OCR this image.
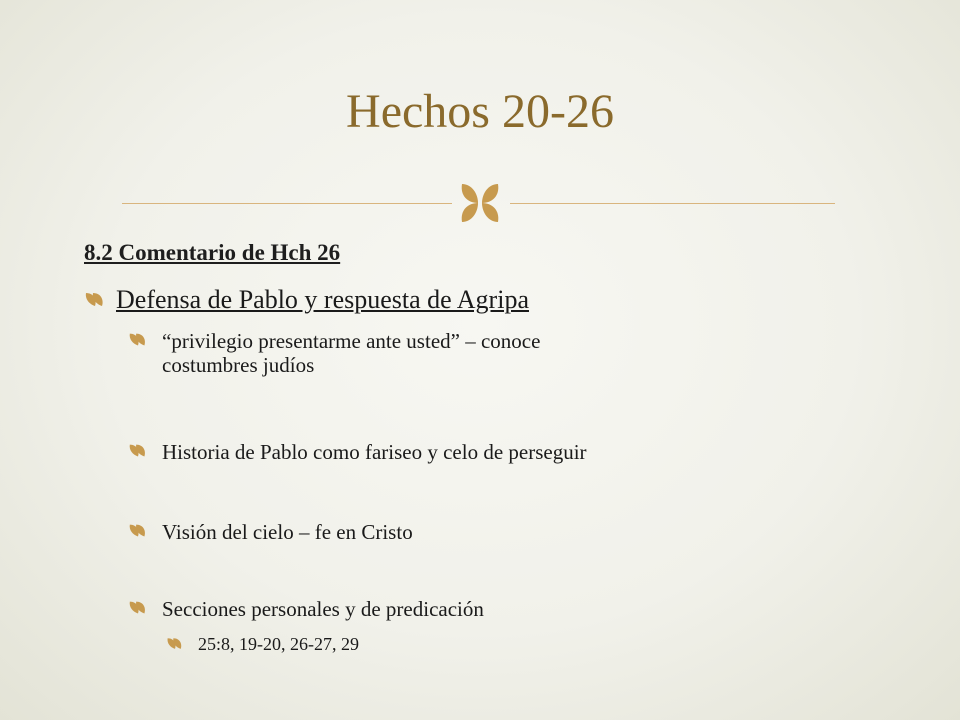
Hechos 20-26
8.2 Comentario de Hch 26
Defensa de Pablo y respuesta de Agripa
“privilegio presentarme ante usted” – conoce
costumbres judíos
Historia de Pablo como fariseo y celo de perseguir
Visión del cielo – fe en Cristo
Secciones personales y de predicación
25:8, 19-20, 26-27, 29
